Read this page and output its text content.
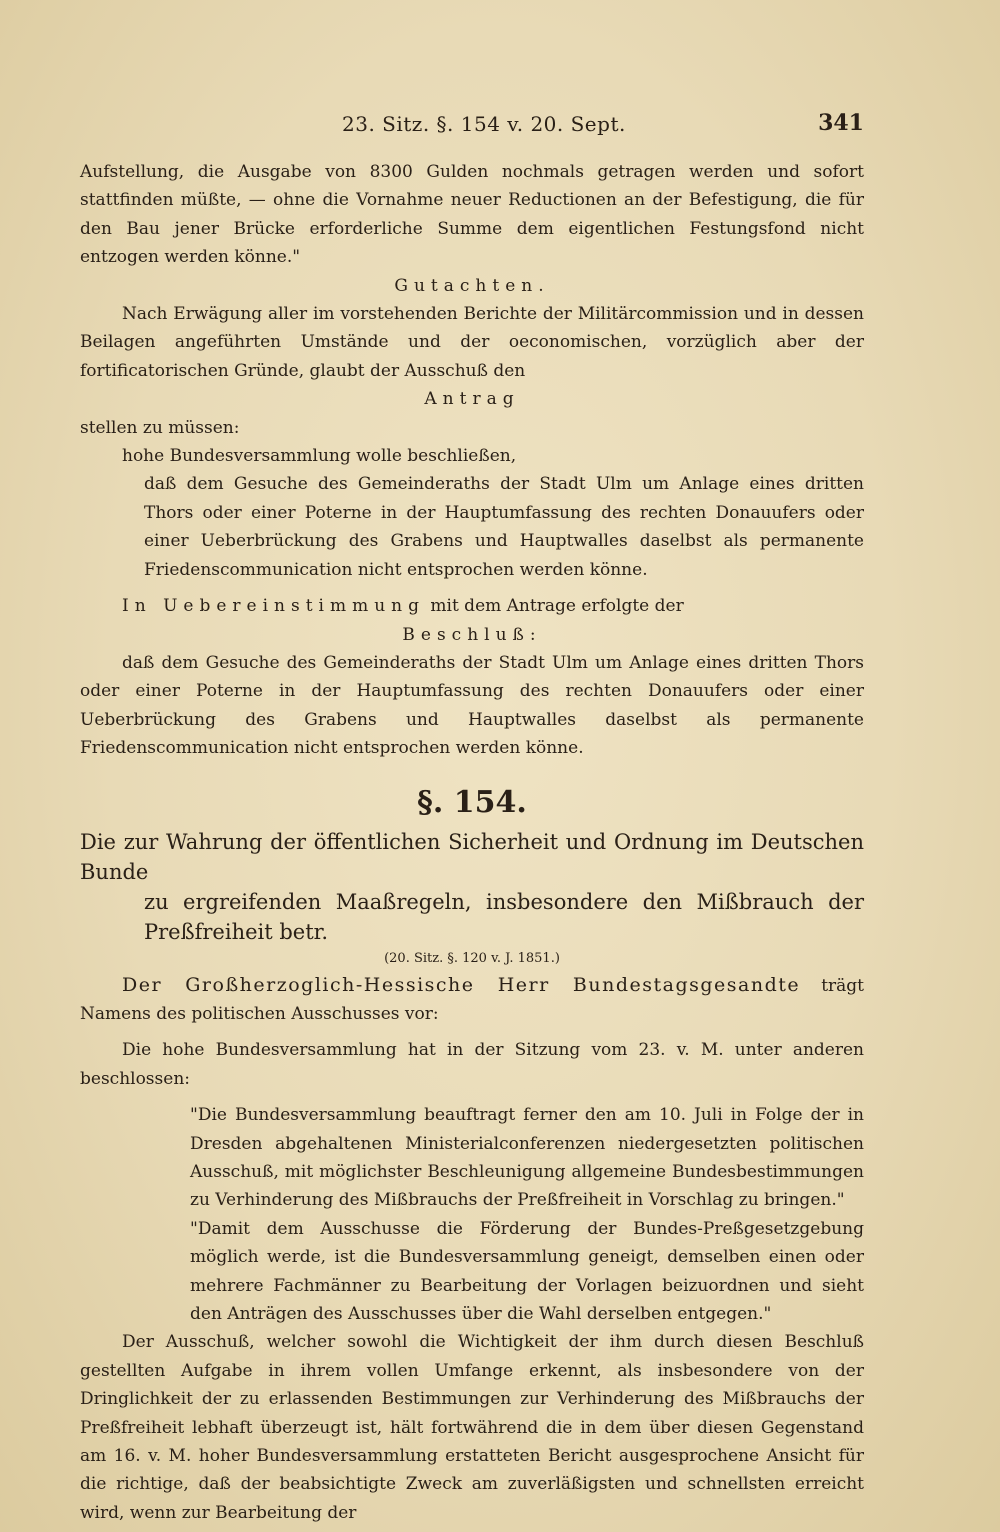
23. Sitz. §. 154 v. 20. Sept.	341

Aufstellung, die Ausgabe von 8300 Gulden nochmals getragen werden und sofort stattfinden müßte, — ohne die Vornahme neuer Reductionen an der Befestigung, die für den Bau jener Brücke erforderliche Summe dem eigentlichen Festungsfond nicht entzogen werden könne."

Gutachten.

Nach Erwägung aller im vorstehenden Berichte der Militärcommission und in dessen Beilagen angeführten Umstände und der oeconomischen, vorzüglich aber der fortificatorischen Gründe, glaubt der Ausschuß den

Antrag

stellen zu müssen:

hohe Bundesversammlung wolle beschließen,

daß dem Gesuche des Gemeinderaths der Stadt Ulm um Anlage eines dritten Thors oder einer Poterne in der Hauptumfassung des rechten Donauufers oder einer Ueberbrückung des Grabens und Hauptwalles daselbst als permanente Friedenscommunication nicht entsprochen werden könne.

In Uebereinstimmung mit dem Antrage erfolgte der

Beschluß:

daß dem Gesuche des Gemeinderaths der Stadt Ulm um Anlage eines dritten Thors oder einer Poterne in der Hauptumfassung des rechten Donauufers oder einer Ueberbrückung des Grabens und Hauptwalles daselbst als permanente Friedenscommunication nicht entsprochen werden könne.

§. 154.

Die zur Wahrung der öffentlichen Sicherheit und Ordnung im Deutschen Bunde

zu ergreifenden Maaßregeln, insbesondere den Mißbrauch der Preßfreiheit betr.

(20. Sitz. §. 120 v. J. 1851.)

Der Großherzoglich-Hessische Herr Bundestagsgesandte trägt Namens des politischen Ausschusses vor:

Die hohe Bundesversammlung hat in der Sitzung vom 23. v. M. unter anderen beschlossen:

"Die Bundesversammlung beauftragt ferner den am 10. Juli in Folge der in Dresden abgehaltenen Ministerialconferenzen niedergesetzten politischen Ausschuß, mit möglichster Beschleunigung allgemeine Bundesbestimmungen zu Verhinderung des Mißbrauchs der Preßfreiheit in Vorschlag zu bringen."

"Damit dem Ausschusse die Förderung der Bundes-Preßgesetzgebung möglich werde, ist die Bundesversammlung geneigt, demselben einen oder mehrere Fachmänner zu Bearbeitung der Vorlagen beizuordnen und sieht den Anträgen des Ausschusses über die Wahl derselben entgegen."

Der Ausschuß, welcher sowohl die Wichtigkeit der ihm durch diesen Beschluß gestellten Aufgabe in ihrem vollen Umfange erkennt, als insbesondere von der Dringlichkeit der zu erlassenden Bestimmungen zur Verhinderung des Mißbrauchs der Preßfreiheit lebhaft überzeugt ist, hält fortwährend die in dem über diesen Gegenstand am 16. v. M. hoher Bundesversammlung erstatteten Bericht ausgesprochene Ansicht für die richtige, daß der beabsichtigte Zweck am zuverläßigsten und schnellsten erreicht wird, wenn zur Bearbeitung der
